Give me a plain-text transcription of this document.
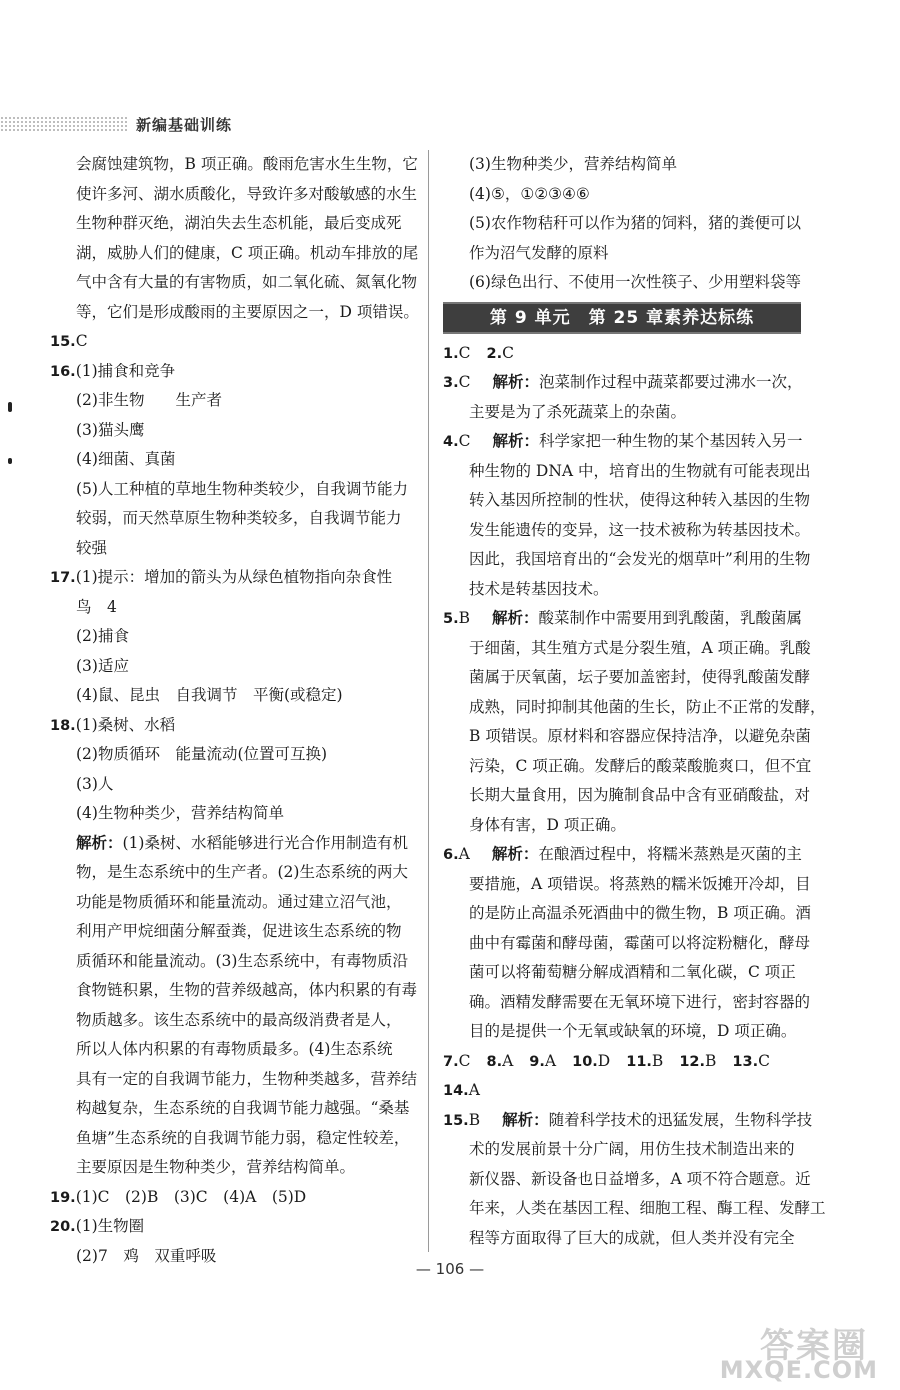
新编基础训练
会腐蚀建筑物，B 项正确。酸雨危害水生生物，它
使许多河、湖水质酸化，导致许多对酸敏感的水生
生物种群灭绝，湖泊失去生态机能，最后变成死
湖，威胁人们的健康，C 项正确。机动车排放的尾
气中含有大量的有害物质，如二氧化硫、氮氧化物
等，它们是形成酸雨的主要原因之一，D 项错误。
15.C
16.(1)捕食和竞争
(2)非生物　　生产者
(3)猫头鹰
(4)细菌、真菌
(5)人工种植的草地生物种类较少，自我调节能力
较弱，而天然草原生物种类较多，自我调节能力
较强
17.(1)提示：增加的箭头为从绿色植物指向杂食性
鸟　4
(2)捕食
(3)适应
(4)鼠、昆虫　自我调节　平衡(或稳定)
18.(1)桑树、水稻
(2)物质循环　能量流动(位置可互换)
(3)人
(4)生物种类少，营养结构简单
解析：(1)桑树、水稻能够进行光合作用制造有机
物，是生态系统中的生产者。(2)生态系统的两大
功能是物质循环和能量流动。通过建立沼气池，
利用产甲烷细菌分解蚕粪，促进该生态系统的物
质循环和能量流动。(3)生态系统中，有毒物质沿
食物链积累，生物的营养级越高，体内积累的有毒
物质越多。该生态系统中的最高级消费者是人，
所以人体内积累的有毒物质最多。(4)生态系统
具有一定的自我调节能力，生物种类越多，营养结
构越复杂，生态系统的自我调节能力越强。“桑基
鱼塘”生态系统的自我调节能力弱，稳定性较差，
主要原因是生物种类少，营养结构简单。
19.(1)C　(2)B　(3)C　(4)A　(5)D
20.(1)生物圈
(2)7　鸡　双重呼吸
(3)生物种类少，营养结构简单
(4)⑤，①②③④⑥
(5)农作物秸秆可以作为猪的饲料，猪的粪便可以
作为沼气发酵的原料
(6)绿色出行、不使用一次性筷子、少用塑料袋等
第 9 单元　第 25 章素养达标练
1.C 2.C
3.C 解析：泡菜制作过程中蔬菜都要过沸水一次，
主要是为了杀死蔬菜上的杂菌。
4.C 解析：科学家把一种生物的某个基因转入另一
种生物的 DNA 中，培育出的生物就有可能表现出
转入基因所控制的性状，使得这种转入基因的生物
发生能遗传的变异，这一技术被称为转基因技术。
因此，我国培育出的“会发光的烟草叶”利用的生物
技术是转基因技术。
5.B 解析：酸菜制作中需要用到乳酸菌，乳酸菌属
于细菌，其生殖方式是分裂生殖，A 项正确。乳酸
菌属于厌氧菌，坛子要加盖密封，使得乳酸菌发酵
成熟，同时抑制其他菌的生长，防止不正常的发酵，
B 项错误。原材料和容器应保持洁净，以避免杂菌
污染，C 项正确。发酵后的酸菜酸脆爽口，但不宜
长期大量食用，因为腌制食品中含有亚硝酸盐，对
身体有害，D 项正确。
6.A 解析：在酿酒过程中，将糯米蒸熟是灭菌的主
要措施，A 项错误。将蒸熟的糯米饭摊开冷却，目
的是防止高温杀死酒曲中的微生物，B 项正确。酒
曲中有霉菌和酵母菌，霉菌可以将淀粉糖化，酵母
菌可以将葡萄糖分解成酒精和二氧化碳，C 项正
确。酒精发酵需要在无氧环境下进行，密封容器的
目的是提供一个无氧或缺氧的环境，D 项正确。
7.C 8.A 9.A 10.D 11.B 12.B 13.C
14.A
15.B 解析：随着科学技术的迅猛发展，生物科学技
术的发展前景十分广阔，用仿生技术制造出来的
新仪器、新设备也日益增多，A 项不符合题意。近
年来，人类在基因工程、细胞工程、酶工程、发酵工
程等方面取得了巨大的成就，但人类并没有完全
— 106 —
答案圈
MXQE.COM
